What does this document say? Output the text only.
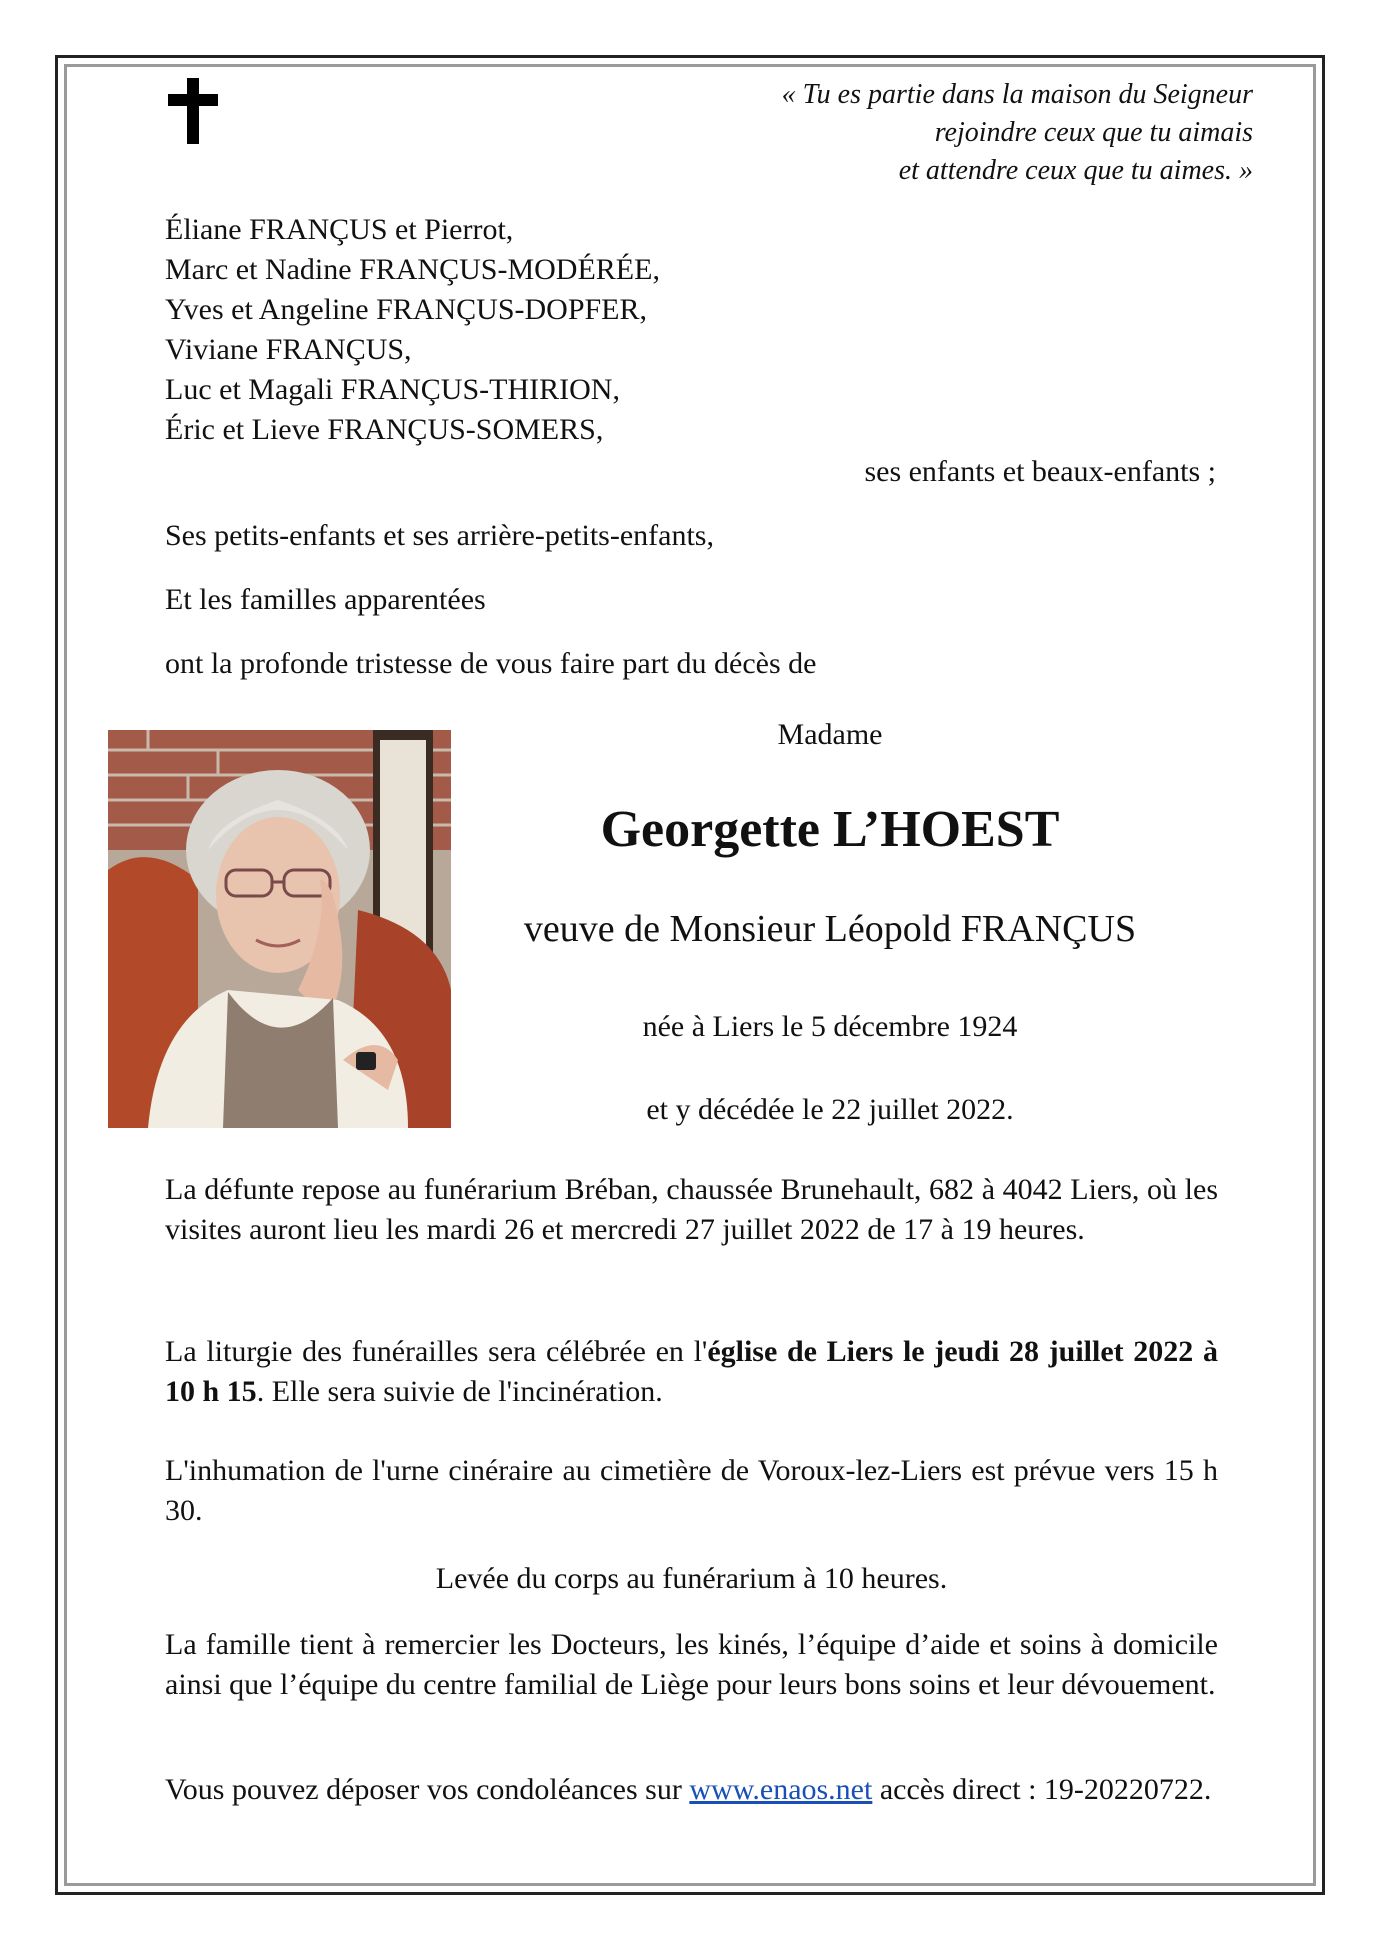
« Tu es partie dans la maison du Seigneur
rejoindre ceux que tu aimais
et attendre ceux que tu aimes. »
Éliane FRANÇUS et Pierrot,
Marc et Nadine FRANÇUS-MODÉRÉE,
Yves et Angeline FRANÇUS-DOPFER,
Viviane FRANÇUS,
Luc et Magali FRANÇUS-THIRION,
Éric et Lieve FRANÇUS-SOMERS,
ses enfants et beaux-enfants ;
Ses petits-enfants et ses arrière-petits-enfants,
Et les familles apparentées
ont la profonde tristesse de vous faire part du décès de
Madame
Georgette L’HOEST
veuve de Monsieur Léopold FRANÇUS
née à Liers le 5 décembre 1924
et y décédée le 22 juillet 2022.
La défunte repose au funérarium Bréban, chaussée Brunehault, 682 à 4042 Liers, où les visites auront lieu les mardi 26 et mercredi 27 juillet 2022 de 17 à 19 heures.
La liturgie des funérailles sera célébrée en l'église de Liers le jeudi 28 juillet 2022 à 10 h 15. Elle sera suivie de l'incinération.
L'inhumation de l'urne cinéraire au cimetière de Voroux-lez-Liers est prévue vers 15 h 30.
Levée du corps au funérarium à 10 heures.
La famille tient à remercier les Docteurs, les kinés, l’équipe d’aide et soins à domicile ainsi que l’équipe du centre familial de Liège pour leurs bons soins et leur dévouement.
Vous pouvez déposer vos condoléances sur www.enaos.net accès direct : 19-20220722.
